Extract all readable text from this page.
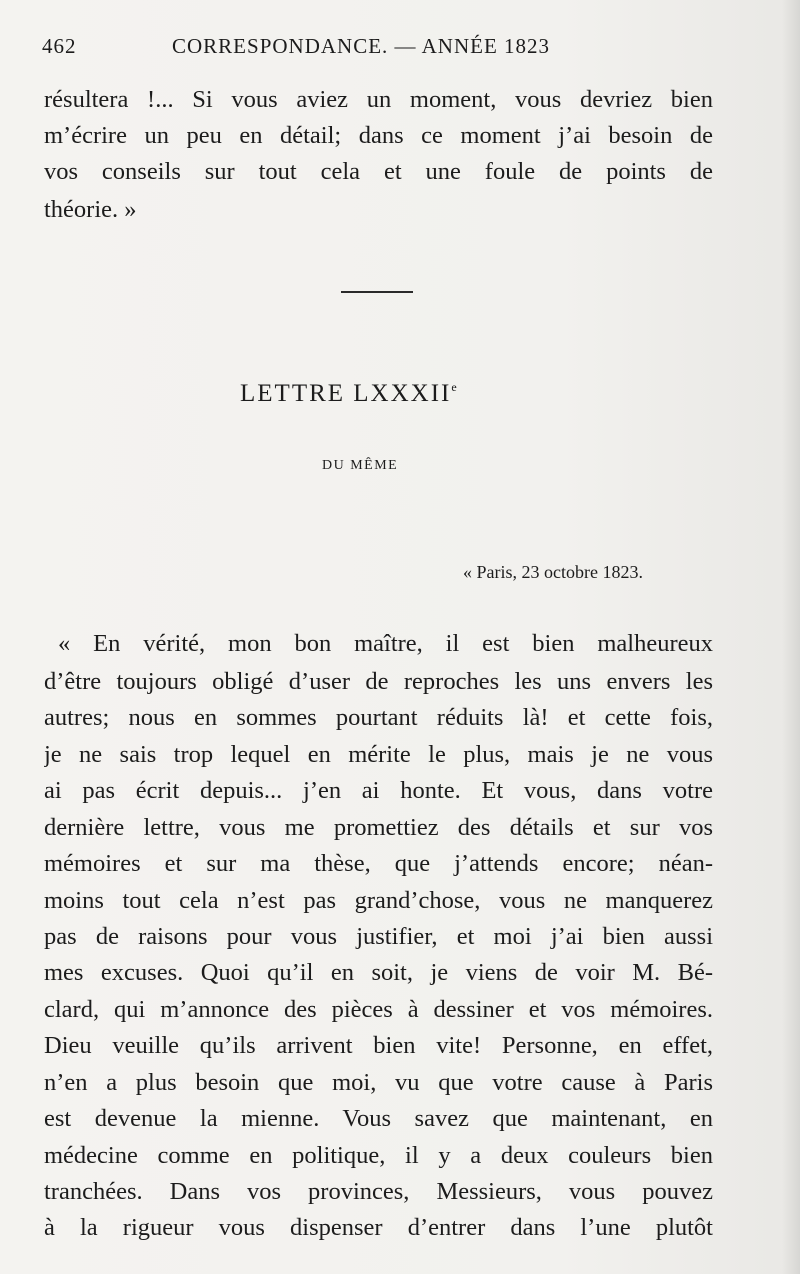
462	CORRESPONDANCE. — ANNÉE 1823
résultera !... Si vous aviez un moment, vous devriez bien
m’écrire un peu en détail; dans ce moment j’ai besoin de
vos conseils sur tout cela et une foule de points de
théorie. »
LETTRE LXXXIIe
DU MÊME
« Paris, 23 octobre 1823.
« En vérité, mon bon maître, il est bien malheureux
d’être toujours obligé d’user de reproches les uns envers les
autres; nous en sommes pourtant réduits là! et cette fois,
je ne sais trop lequel en mérite le plus, mais je ne vous
ai pas écrit depuis... j’en ai honte. Et vous, dans votre
dernière lettre, vous me promettiez des détails et sur vos
mémoires et sur ma thèse, que j’attends encore; néan-
moins tout cela n’est pas grand’chose, vous ne manquerez
pas de raisons pour vous justifier, et moi j’ai bien aussi
mes excuses. Quoi qu’il en soit, je viens de voir M. Bé-
clard, qui m’annonce des pièces à dessiner et vos mémoires.
Dieu veuille qu’ils arrivent bien vite! Personne, en effet,
n’en a plus besoin que moi, vu que votre cause à Paris
est devenue la mienne. Vous savez que maintenant, en
médecine comme en politique, il y a deux couleurs bien
tranchées. Dans vos provinces, Messieurs, vous pouvez
à la rigueur vous dispenser d’entrer dans l’une plutôt
